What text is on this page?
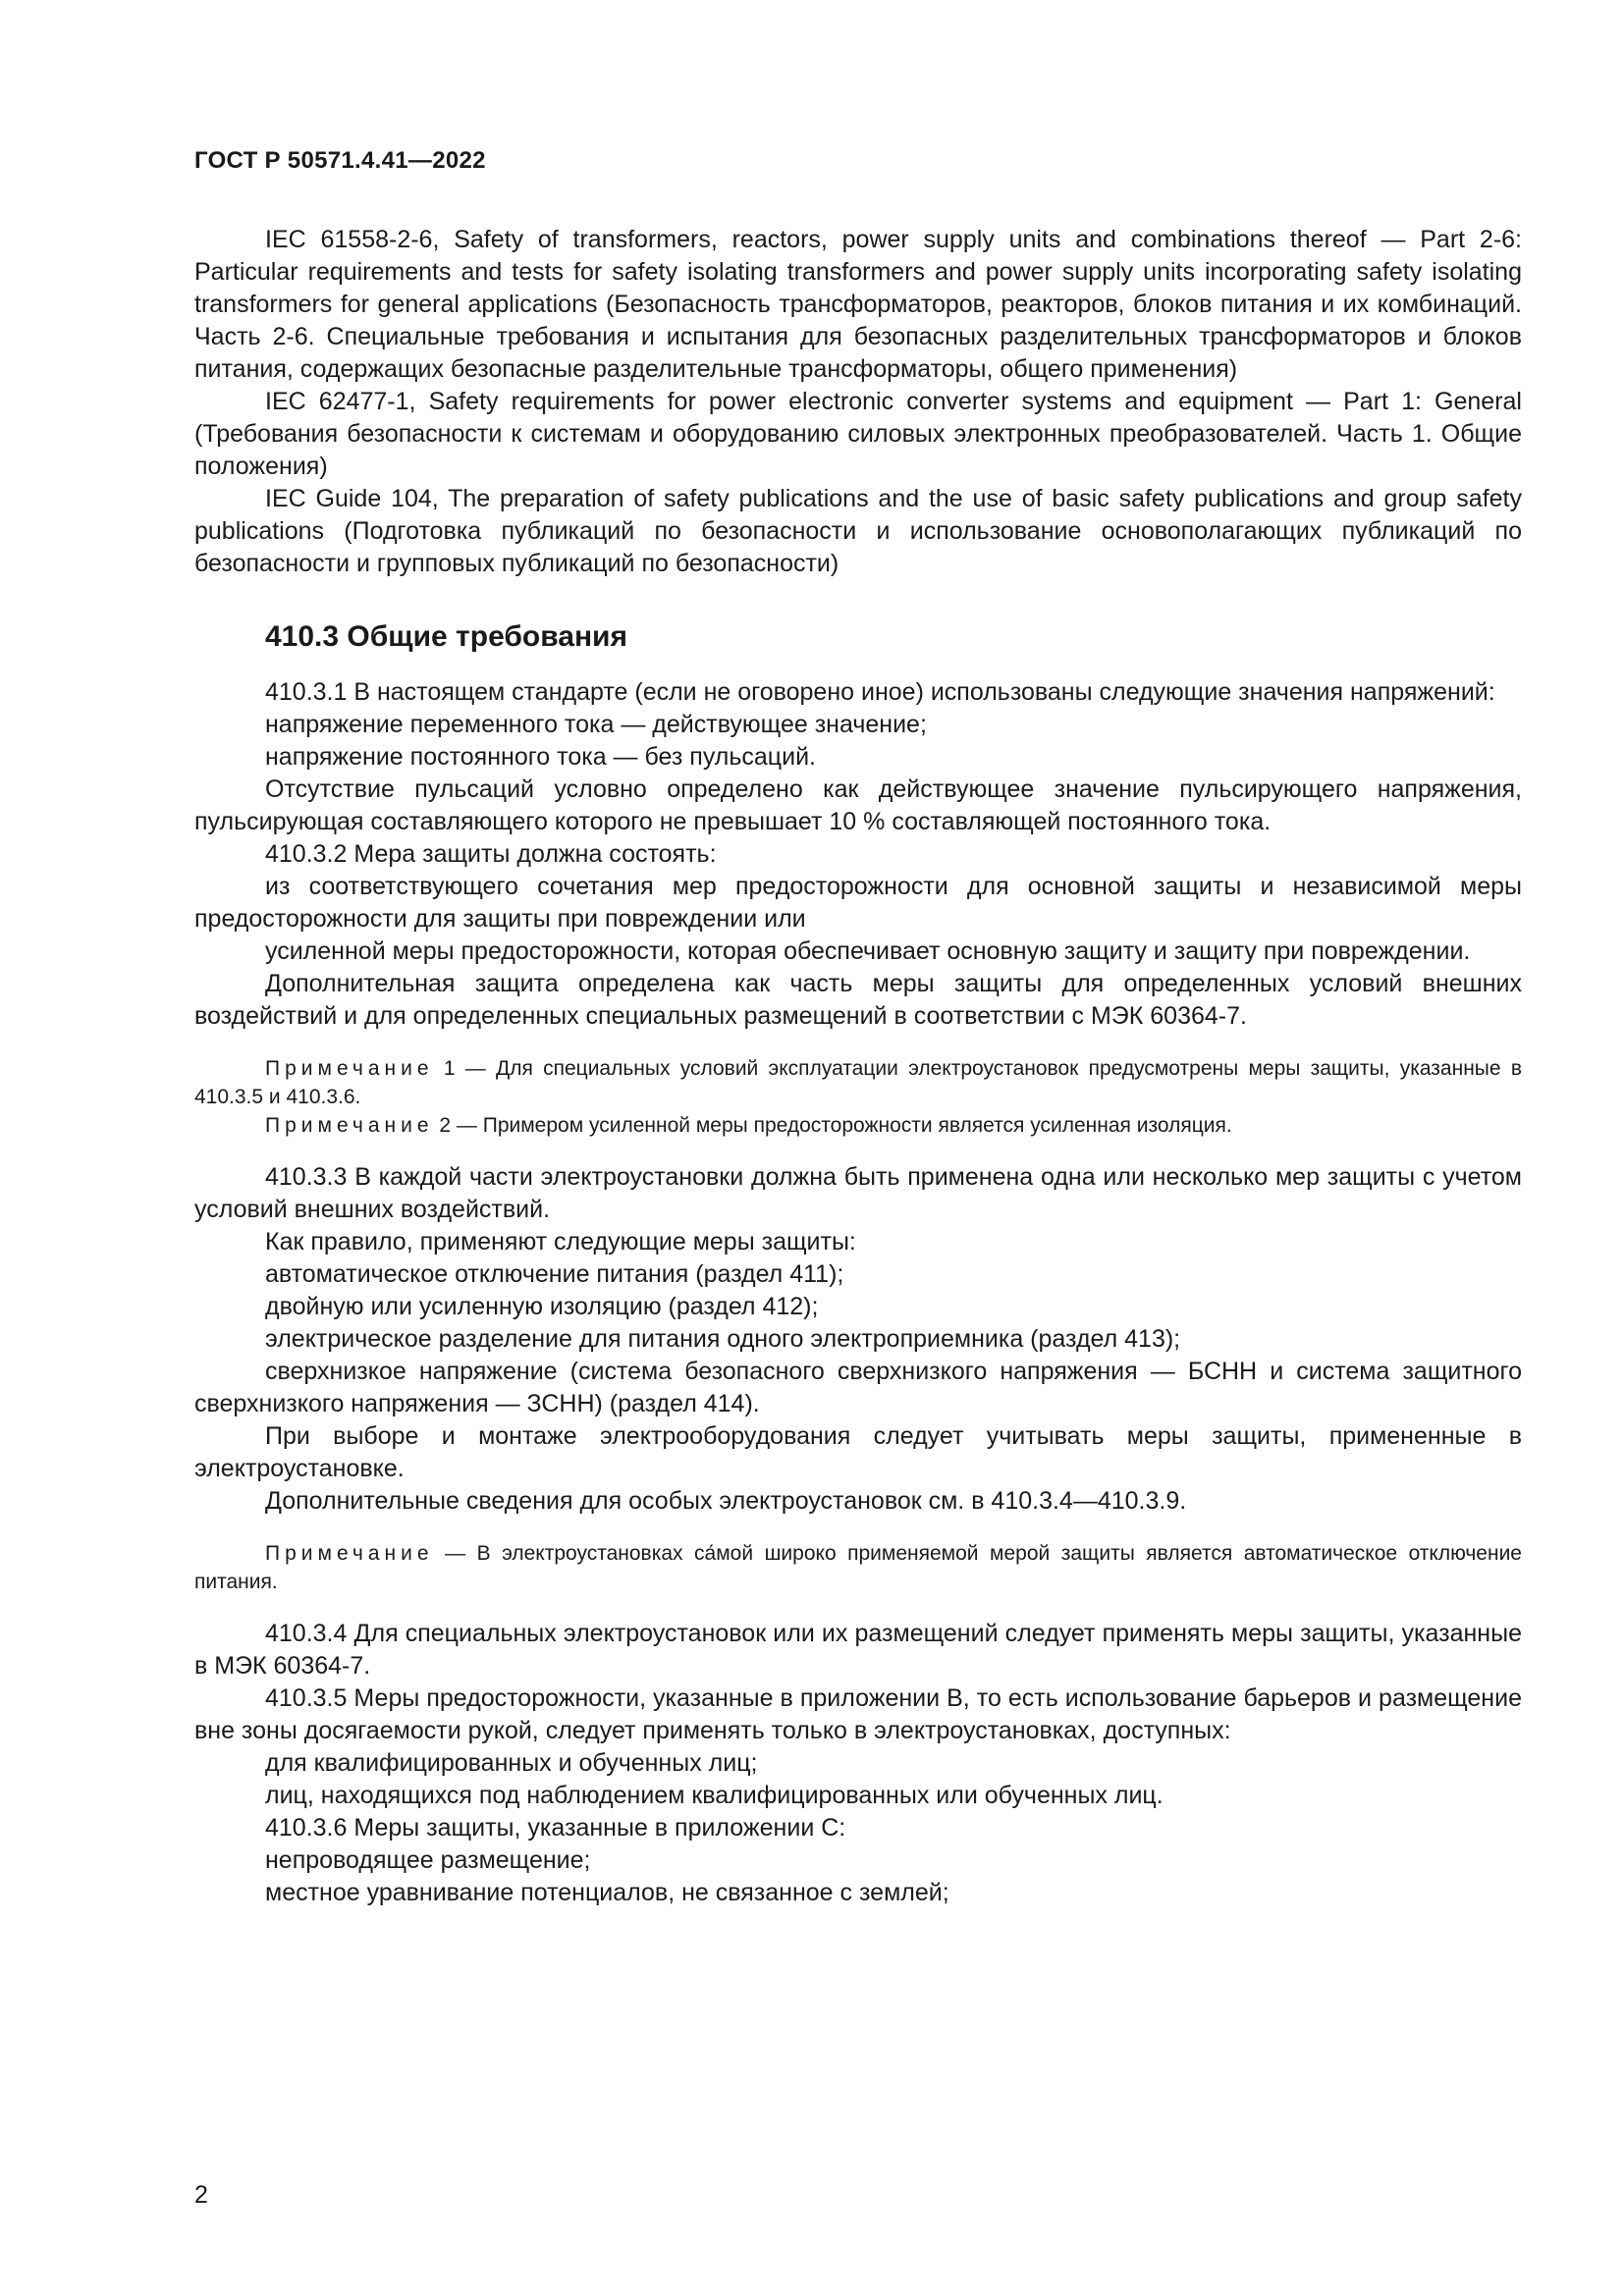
ГОСТ Р 50571.4.41—2022

IEC 61558-2-6, Safety of transformers, reactors, power supply units and combinations thereof — Part 2-6: Particular requirements and tests for safety isolating transformers and power supply units incorporating safety isolating transformers for general applications (Безопасность трансформаторов, реакторов, блоков питания и их комбинаций. Часть 2-6. Специальные требования и испытания для безопасных разделительных трансформаторов и блоков питания, содержащих безопасные разделительные трансформаторы, общего применения)

IEC 62477-1, Safety requirements for power electronic converter systems and equipment — Part 1: General (Требования безопасности к системам и оборудованию силовых электронных преобразователей. Часть 1. Общие положения)

IEC Guide 104, The preparation of safety publications and the use of basic safety publications and group safety publications (Подготовка публикаций по безопасности и использование основополагающих публикаций по безопасности и групповых публикаций по безопасности)

410.3 Общие требования

410.3.1 В настоящем стандарте (если не оговорено иное) использованы следующие значения напряжений:

напряжение переменного тока — действующее значение;

напряжение постоянного тока — без пульсаций.

Отсутствие пульсаций условно определено как действующее значение пульсирующего напряжения, пульсирующая составляющего которого не превышает 10 % составляющей постоянного тока.

410.3.2 Мера защиты должна состоять:

из соответствующего сочетания мер предосторожности для основной защиты и независимой меры предосторожности для защиты при повреждении или

усиленной меры предосторожности, которая обеспечивает основную защиту и защиту при повреждении.

Дополнительная защита определена как часть меры защиты для определенных условий внешних воздействий и для определенных специальных размещений в соответствии с МЭК 60364-7.

Примечание 1 — Для специальных условий эксплуатации электроустановок предусмотрены меры защиты, указанные в 410.3.5 и 410.3.6.

Примечание 2 — Примером усиленной меры предосторожности является усиленная изоляция.

410.3.3 В каждой части электроустановки должна быть применена одна или несколько мер защиты с учетом условий внешних воздействий.

Как правило, применяют следующие меры защиты:

автоматическое отключение питания (раздел 411);

двойную или усиленную изоляцию (раздел 412);

электрическое разделение для питания одного электроприемника (раздел 413);

сверхнизкое напряжение (система безопасного сверхнизкого напряжения — БСНН и система защитного сверхнизкого напряжения — ЗСНН) (раздел 414).

При выборе и монтаже электрооборудования следует учитывать меры защиты, примененные в электроустановке.

Дополнительные сведения для особых электроустановок см. в 410.3.4—410.3.9.

Примечание — В электроустановках са́мой широко применяемой мерой защиты является автоматическое отключение питания.

410.3.4 Для специальных электроустановок или их размещений следует применять меры защиты, указанные в МЭК 60364-7.

410.3.5 Меры предосторожности, указанные в приложении В, то есть использование барьеров и размещение вне зоны досягаемости рукой, следует применять только в электроустановках, доступных:

для квалифицированных и обученных лиц;

лиц, находящихся под наблюдением квалифицированных или обученных лиц.

410.3.6 Меры защиты, указанные в приложении С:

непроводящее размещение;

местное уравнивание потенциалов, не связанное с землей;

2
